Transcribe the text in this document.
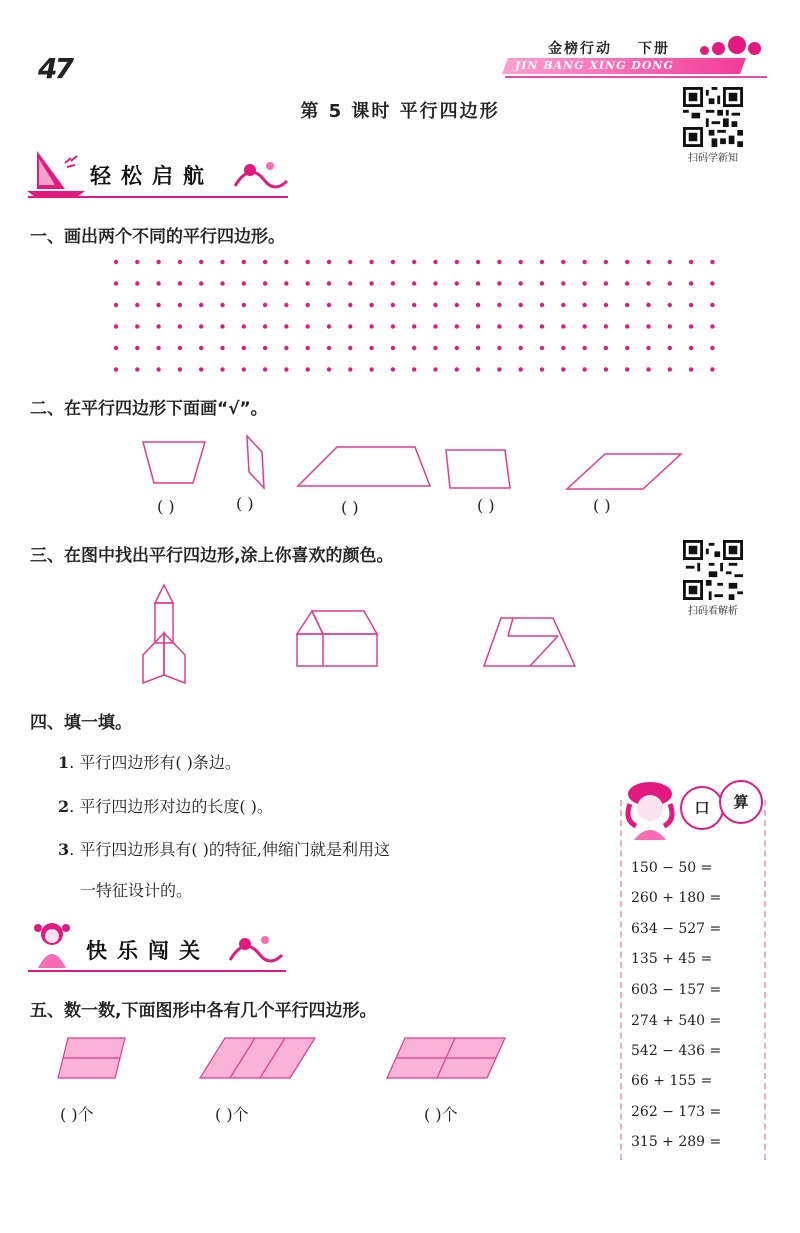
47
金榜行动 下册
JIN BANG XING DONG
第 5 课时 平行四边形
扫码学新知
轻松启航
一、画出两个不同的平行四边形。
二、在平行四边形下面画“√”。
( )	( )	( )	( )	( )
三、在图中找出平行四边形,涂上你喜欢的颜色。
扫码看解析
四、填一填。
1. 平行四边形有( )条边。
2. 平行四边形对边的长度( )。
3. 平行四边形具有( )的特征,伸缩门就是利用这
一特征设计的。
快乐闯关
五、数一数,下面图形中各有几个平行四边形。
( )个	( )个	( )个
口	算
150 − 50 =
260 + 180 =
634 − 527 =
135 + 45 =
603 − 157 =
274 + 540 =
542 − 436 =
66 + 155 =
262 − 173 =
315 + 289 =
